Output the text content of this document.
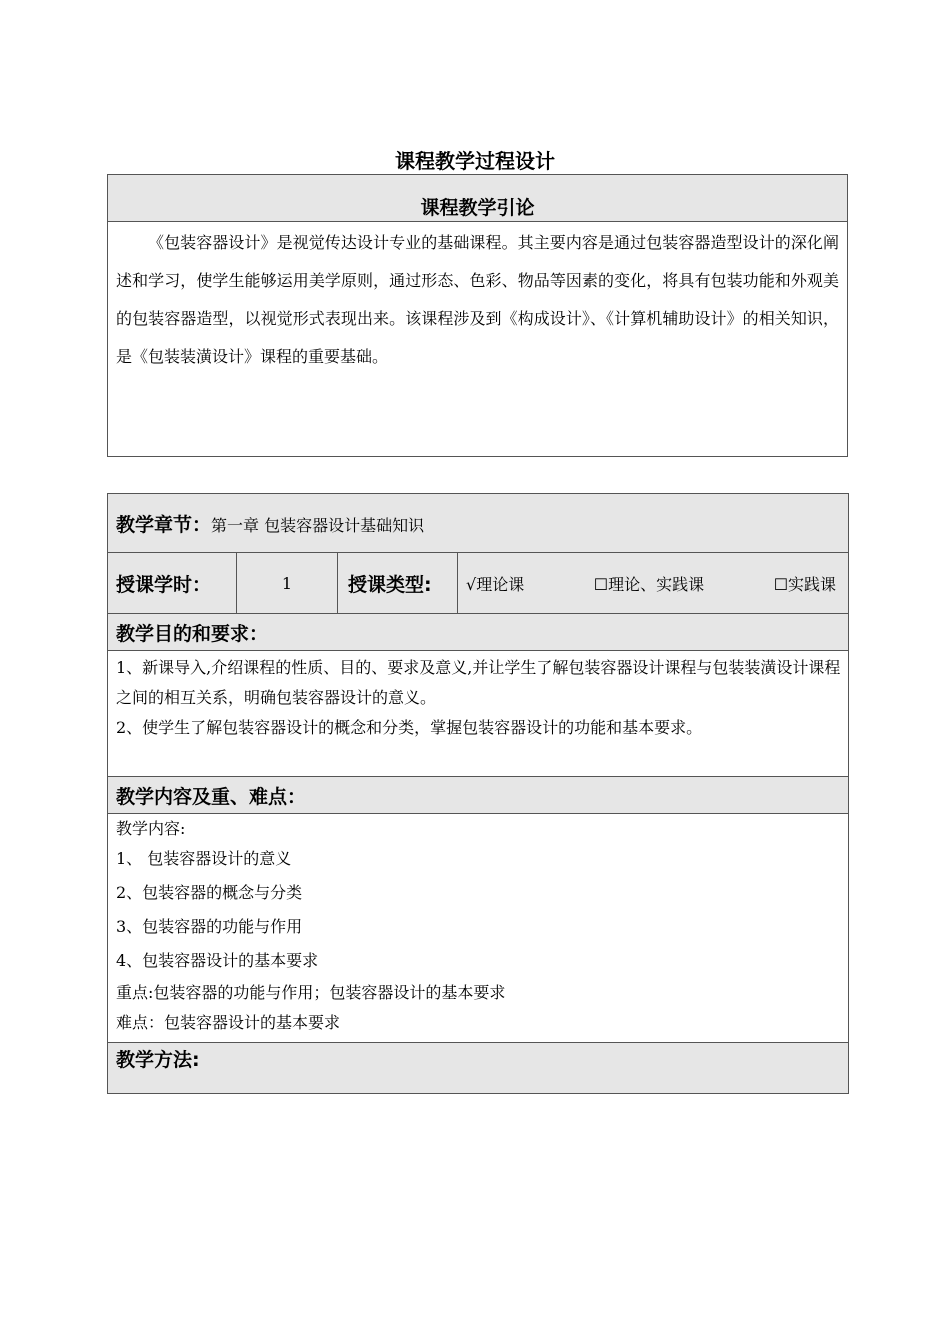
课程教学过程设计
课程教学引论

《包装容器设计》是视觉传达设计专业的基础课程。其主要内容是通过包装容器造型设计的深化阐述和学习，使学生能够运用美学原则，通过形态、色彩、物品等因素的变化，将具有包装功能和外观美的包装容器造型，以视觉形式表现出来。该课程涉及到《构成设计》、《计算机辅助设计》的相关知识，是《包装装潢设计》课程的重要基础。

教学章节：第一章 包装容器设计基础知识
授课学时：	1	授课类型:	√理论课	☐理论、实践课	☐实践课

教学目的和要求：

1、新课导入,介绍课程的性质、目的、要求及意义,并让学生了解包装容器设计课程与包装装潢设计课程之间的相互关系，明确包装容器设计的意义。

2、使学生了解包装容器设计的概念和分类，掌握包装容器设计的功能和基本要求。

教学内容及重、难点：

教学内容:

1、 包装容器设计的意义

2、包装容器的概念与分类

3、包装容器的功能与作用

4、包装容器设计的基本要求

重点:包装容器的功能与作用；包装容器设计的基本要求

难点：包装容器设计的基本要求

教学方法:
